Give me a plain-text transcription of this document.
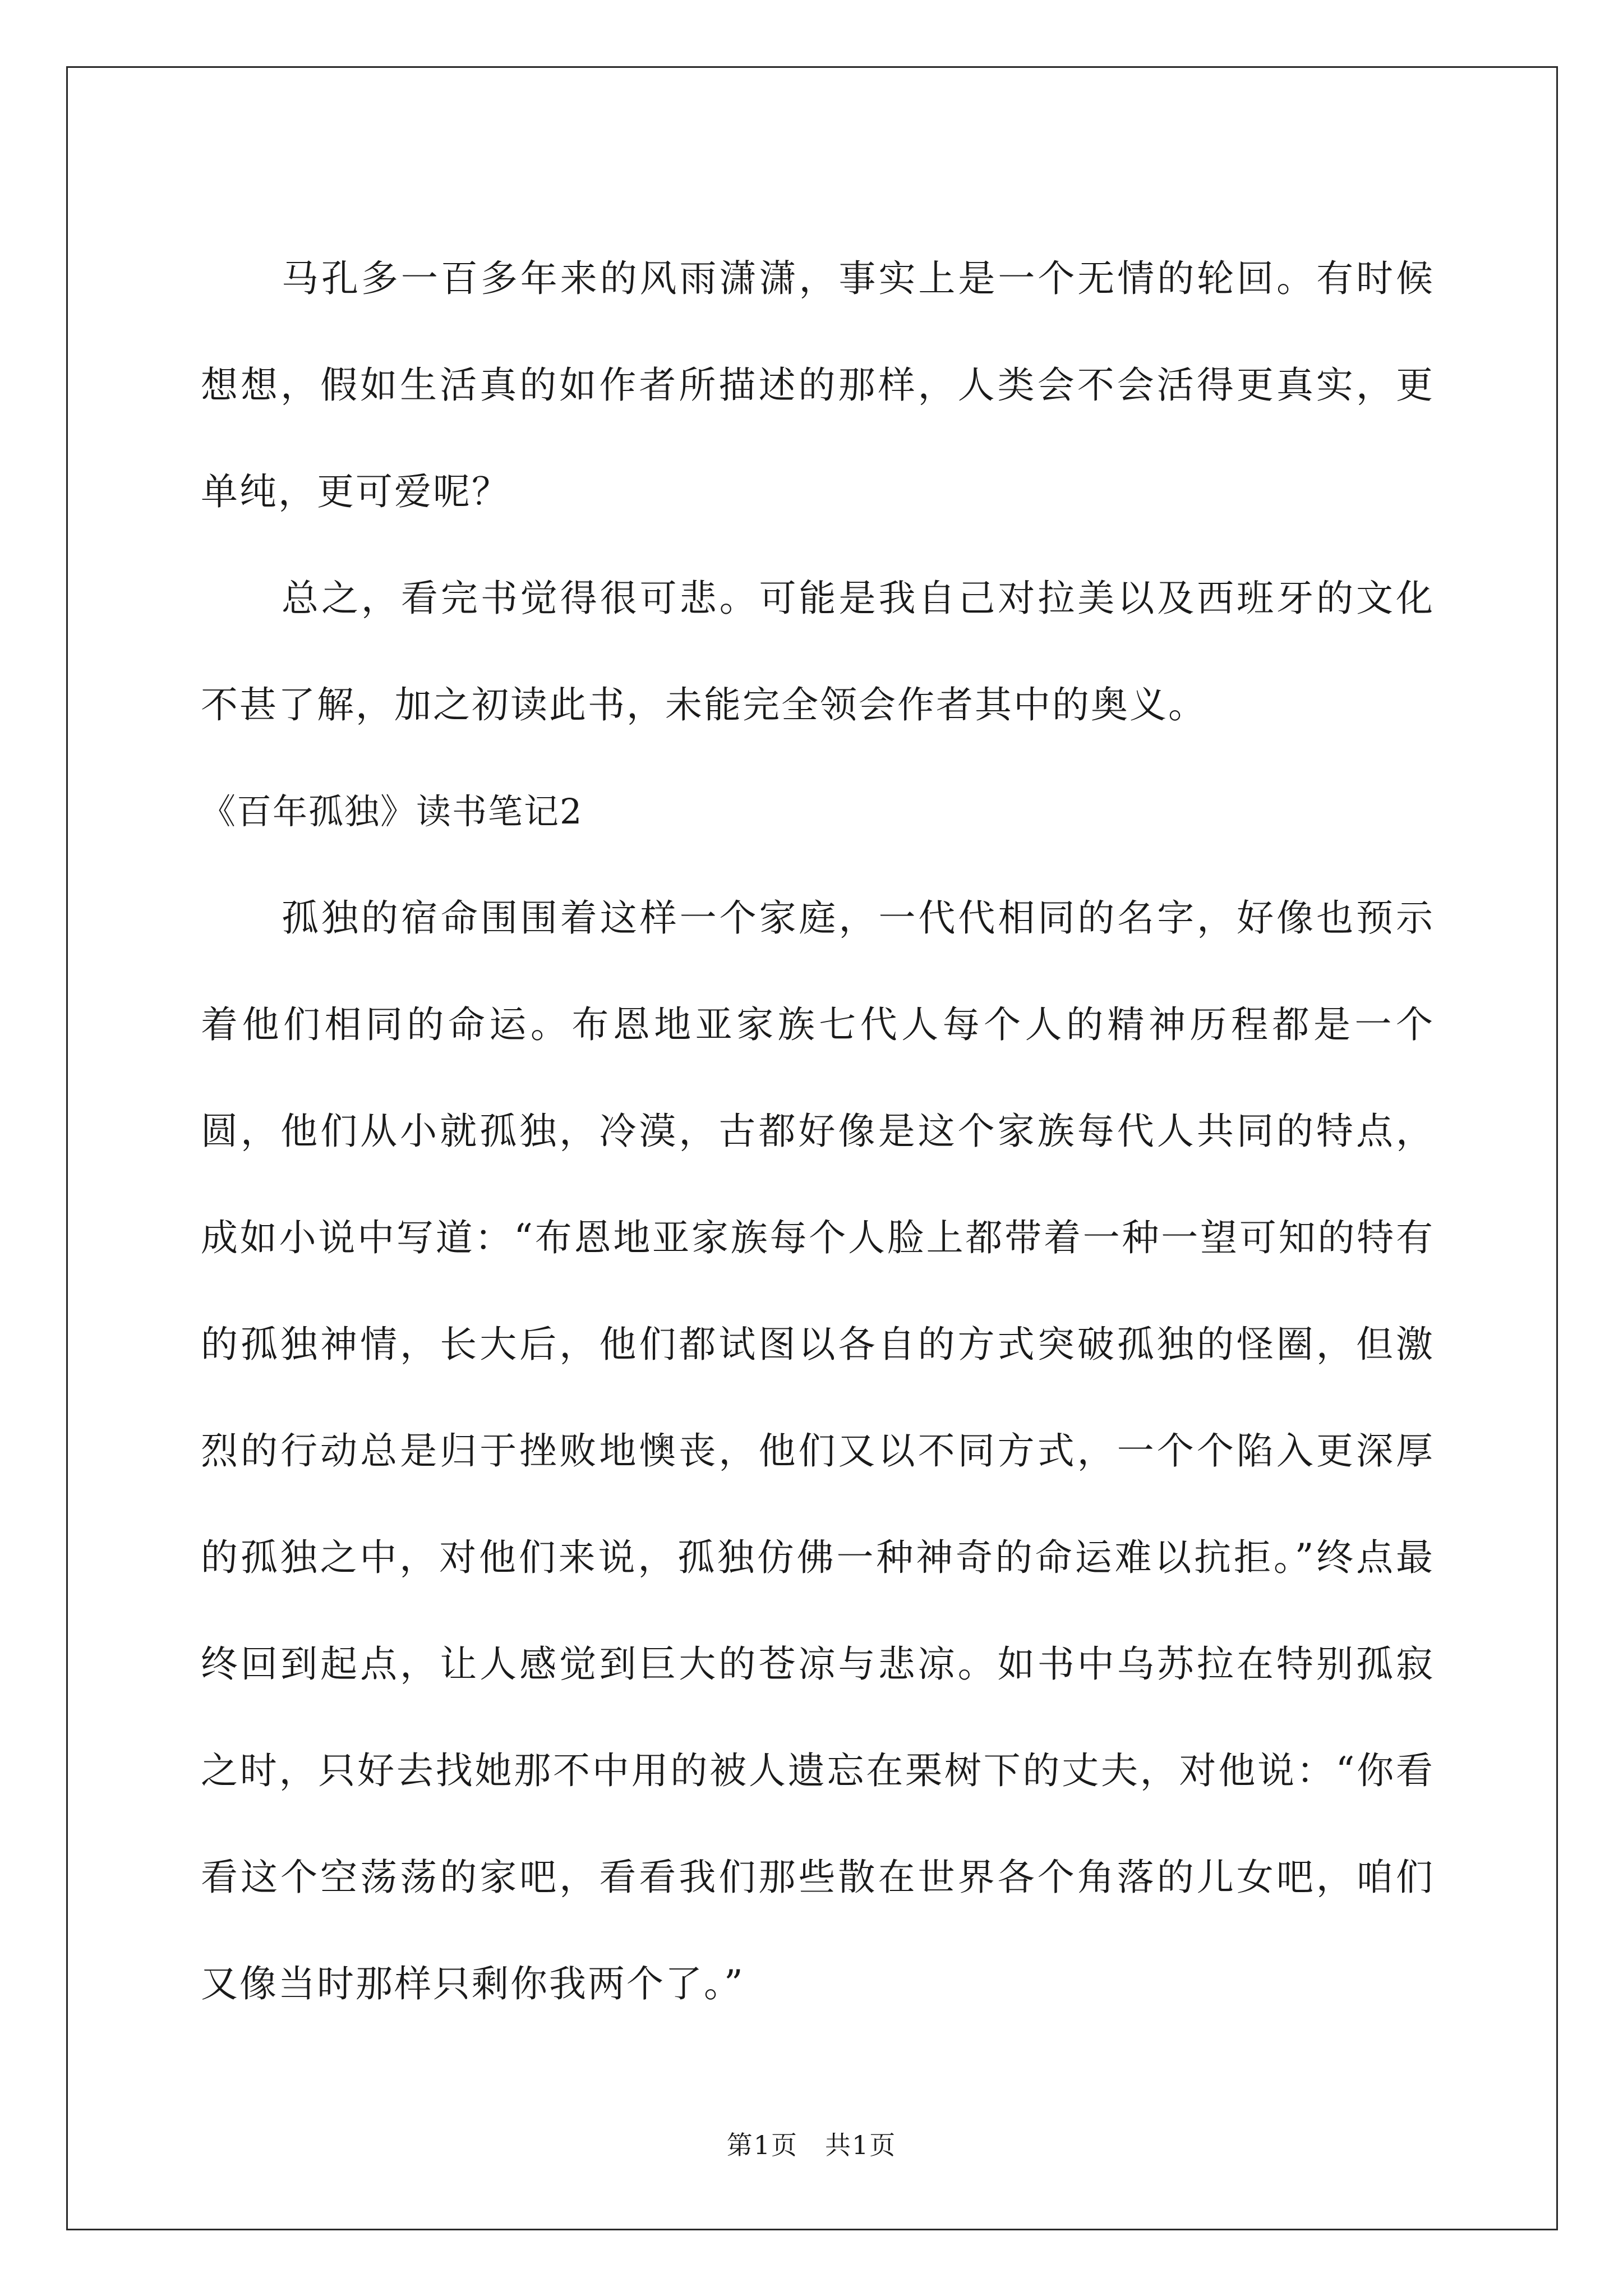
马孔多一百多年来的风雨潇潇，事实上是一个无情的轮回。有时候想想，假如生活真的如作者所描述的那样，人类会不会活得更真实，更单纯，更可爱呢？

总之，看完书觉得很可悲。可能是我自己对拉美以及西班牙的文化不甚了解，加之初读此书，未能完全领会作者其中的奥义。

《百年孤独》读书笔记2

孤独的宿命围围着这样一个家庭，一代代相同的名字，好像也预示着他们相同的命运。布恩地亚家族七代人每个人的精神历程都是一个圆，他们从小就孤独，冷漠，古都好像是这个家族每代人共同的特点，成如小说中写道：“布恩地亚家族每个人脸上都带着一种一望可知的特有的孤独神情，长大后，他们都试图以各自的方式突破孤独的怪圈，但激烈的行动总是归于挫败地懊丧，他们又以不同方式，一个个陷入更深厚的孤独之中，对他们来说，孤独仿佛一种神奇的命运难以抗拒。”终点最终回到起点，让人感觉到巨大的苍凉与悲凉。如书中乌苏拉在特别孤寂之时，只好去找她那不中用的被人遗忘在栗树下的丈夫，对他说：“你看看这个空荡荡的家吧，看看我们那些散在世界各个角落的儿女吧，咱们又像当时那样只剩你我两个了。”

第1页 共1页
